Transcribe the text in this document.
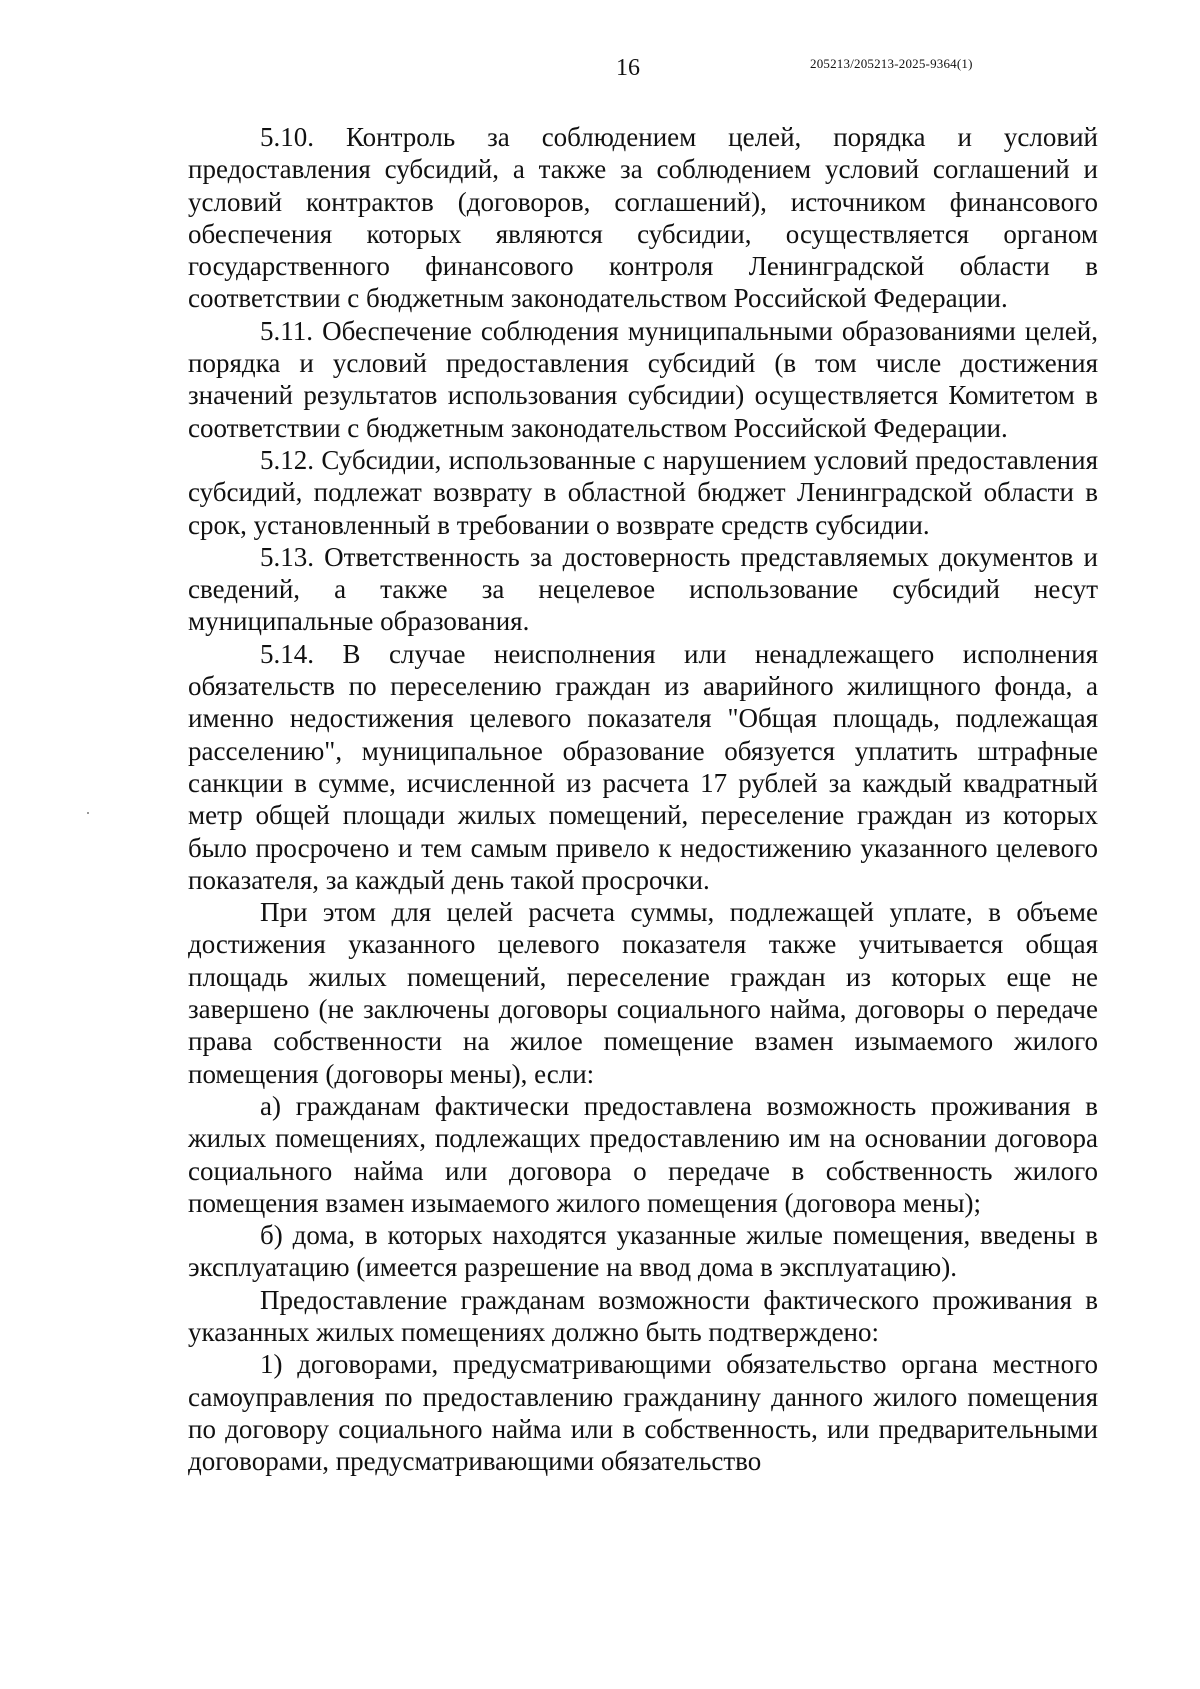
16	205213/205213-2025-9364(1)

5.10. Контроль за соблюдением целей, порядка и условий предоставления субсидий, а также за соблюдением условий соглашений и условий контрактов (договоров, соглашений), источником финансового обеспечения которых являются субсидии, осуществляется органом государственного финансового контроля Ленинградской области в соответствии с бюджетным законодательством Российской Федерации.

5.11. Обеспечение соблюдения муниципальными образованиями целей, порядка и условий предоставления субсидий (в том числе достижения значений результатов использования субсидии) осуществляется Комитетом в соответствии с бюджетным законодательством Российской Федерации.

5.12. Субсидии, использованные с нарушением условий предоставления субсидий, подлежат возврату в областной бюджет Ленинградской области в срок, установленный в требовании о возврате средств субсидии.

5.13. Ответственность за достоверность представляемых документов и сведений, а также за нецелевое использование субсидий несут муниципальные образования.

5.14. В случае неисполнения или ненадлежащего исполнения обязательств по переселению граждан из аварийного жилищного фонда, а именно недостижения целевого показателя "Общая площадь, подлежащая расселению", муниципальное образование обязуется уплатить штрафные санкции в сумме, исчисленной из расчета 17 рублей за каждый квадратный метр общей площади жилых помещений, переселение граждан из которых было просрочено и тем самым привело к недостижению указанного целевого показателя, за каждый день такой просрочки.

При этом для целей расчета суммы, подлежащей уплате, в объеме достижения указанного целевого показателя также учитывается общая площадь жилых помещений, переселение граждан из которых еще не завершено (не заключены договоры социального найма, договоры о передаче права собственности на жилое помещение взамен изымаемого жилого помещения (договоры мены), если:

а) гражданам фактически предоставлена возможность проживания в жилых помещениях, подлежащих предоставлению им на основании договора социального найма или договора о передаче в собственность жилого помещения взамен изымаемого жилого помещения (договора мены);

б) дома, в которых находятся указанные жилые помещения, введены в эксплуатацию (имеется разрешение на ввод дома в эксплуатацию).

Предоставление гражданам возможности фактического проживания в указанных жилых помещениях должно быть подтверждено:

1) договорами, предусматривающими обязательство органа местного самоуправления по предоставлению гражданину данного жилого помещения по договору социального найма или в собственность, или предварительными договорами, предусматривающими обязательство
